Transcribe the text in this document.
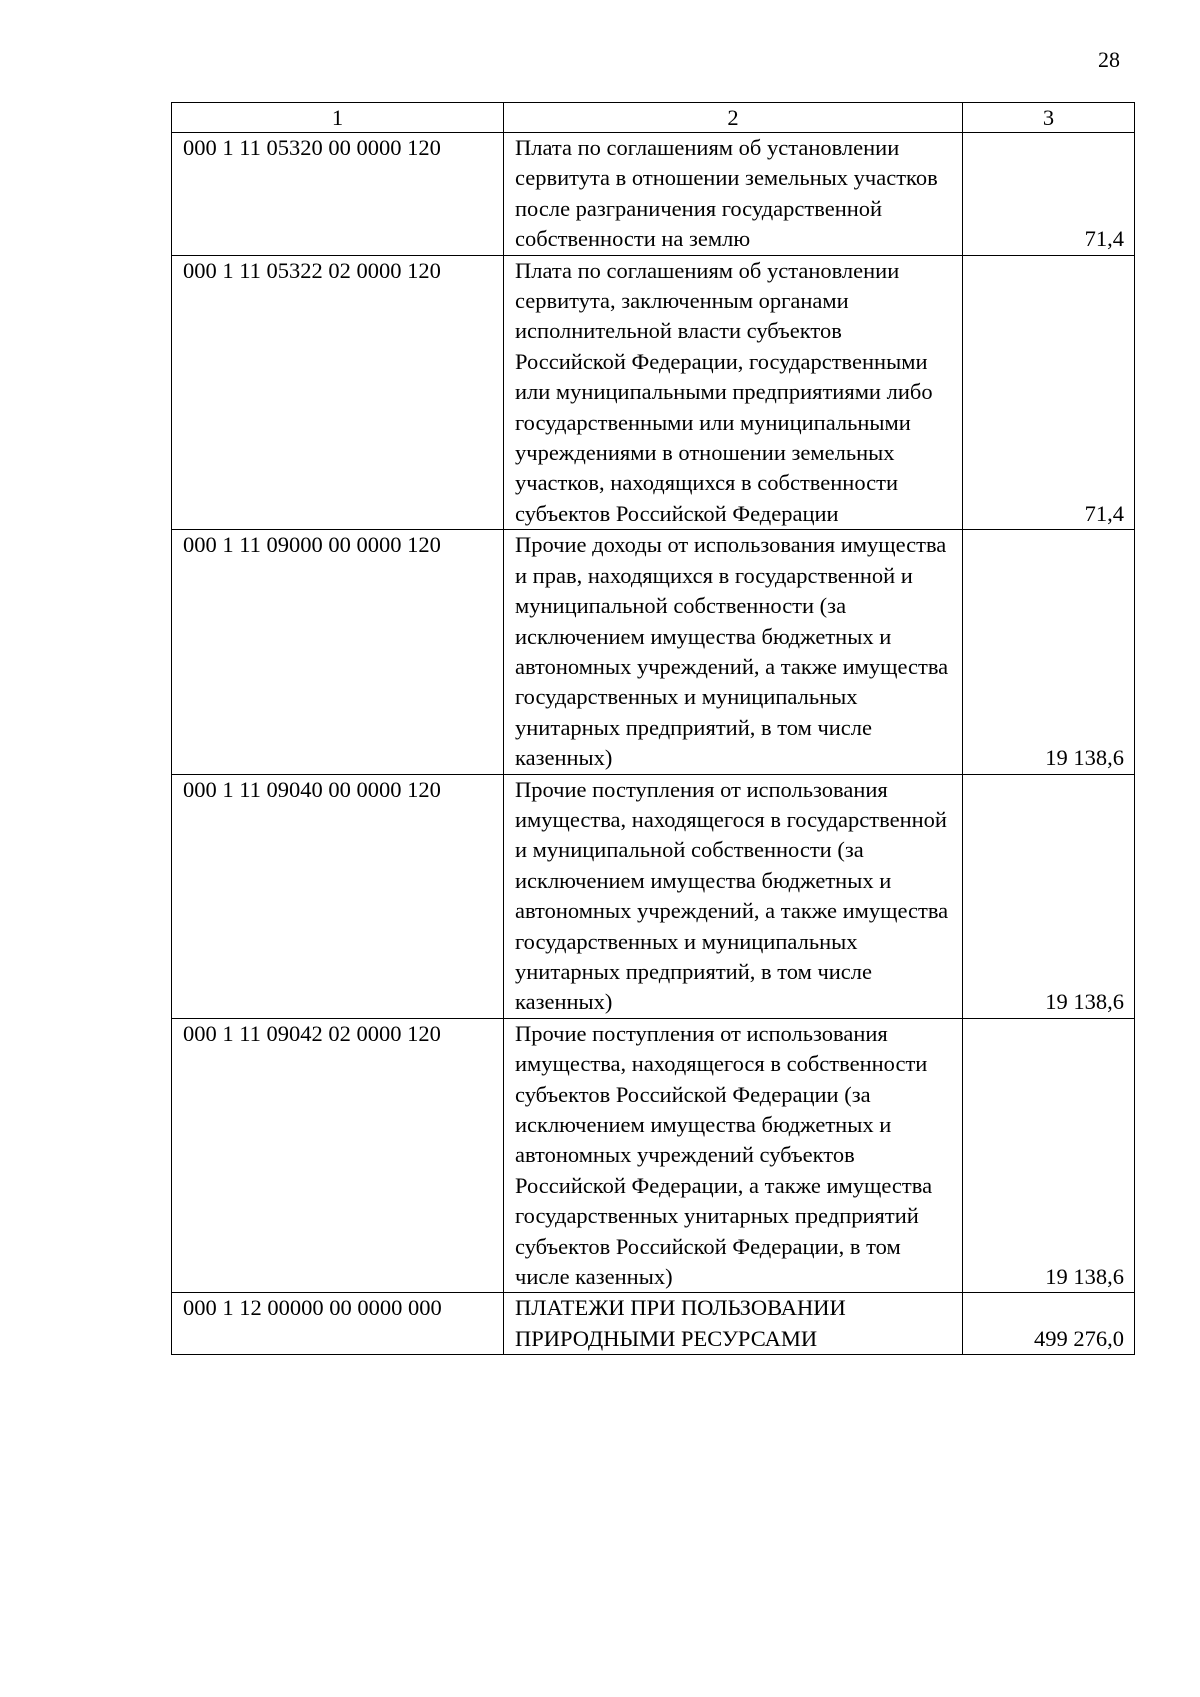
28
1	2	3
000 1 11 05320 00 0000 120	Плата по соглашениям об установлении сервитута в отношении земельных участков после разграничения государственной собственности на землю	71,4
000 1 11 05322 02 0000 120	Плата по соглашениям об установлении сервитута, заключенным органами исполнительной власти субъектов Российской Федерации, государственными или муниципальными предприятиями либо государственными или муниципальными учреждениями в отношении земельных участков, находящихся в собственности субъектов Российской Федерации	71,4
000 1 11 09000 00 0000 120	Прочие доходы от использования имущества и прав, находящихся в государственной и муниципальной собственности (за исключением имущества бюджетных и автономных учреждений, а также имущества государственных и муниципальных унитарных предприятий, в том числе казенных)	19 138,6
000 1 11 09040 00 0000 120	Прочие поступления от использования имущества, находящегося в государственной и муниципальной собственности (за исключением имущества бюджетных и автономных учреждений, а также имущества государственных и муниципальных унитарных предприятий, в том числе казенных)	19 138,6
000 1 11 09042 02 0000 120	Прочие поступления от использования имущества, находящегося в собственности субъектов Российской Федерации (за исключением имущества бюджетных и автономных учреждений субъектов Российской Федерации, а также имущества государственных унитарных предприятий субъектов Российской Федерации, в том числе казенных)	19 138,6
000 1 12 00000 00 0000 000	ПЛАТЕЖИ ПРИ ПОЛЬЗОВАНИИ ПРИРОДНЫМИ РЕСУРСАМИ	499 276,0
